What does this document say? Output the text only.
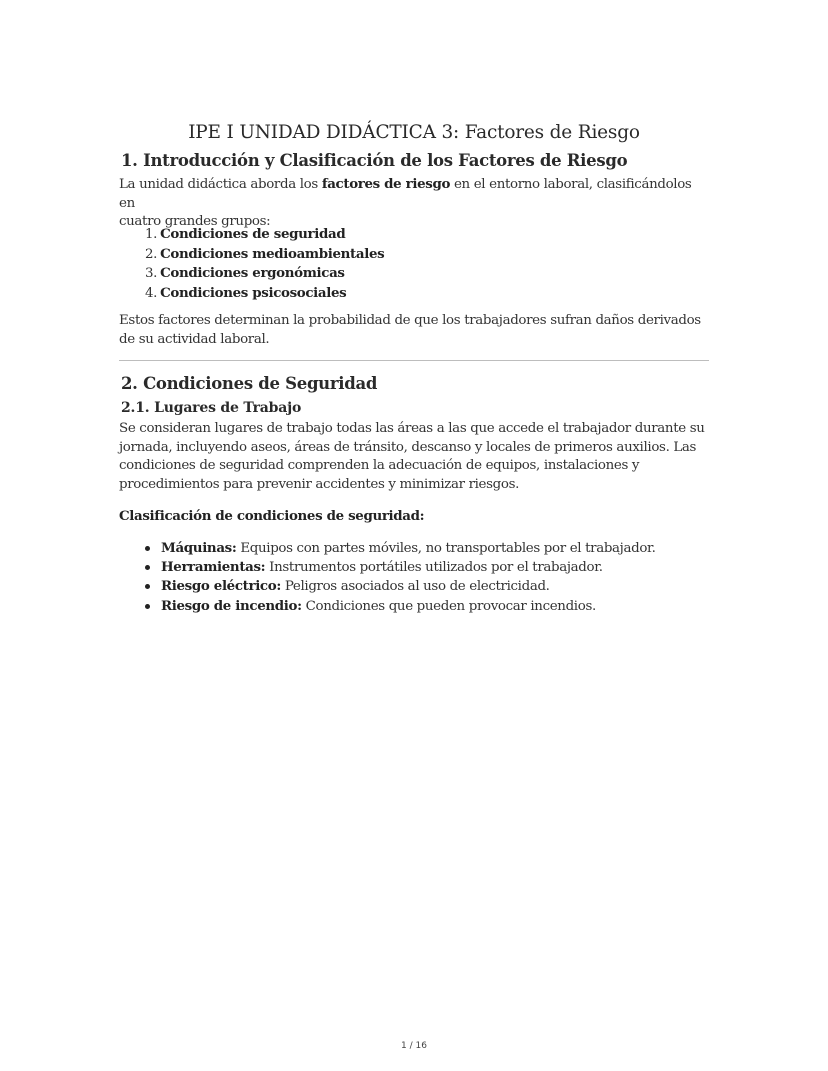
IPE I UNIDAD DIDÁCTICA 3: Factores de Riesgo
1. Introducción y Clasificación de los Factores de Riesgo

La unidad didáctica aborda los factores de riesgo en el entorno laboral, clasificándolos en
cuatro grandes grupos:

1. Condiciones de seguridad
2. Condiciones medioambientales
3. Condiciones ergonómicas
4. Condiciones psicosociales

Estos factores determinan la probabilidad de que los trabajadores sufran daños derivados
de su actividad laboral.

2. Condiciones de Seguridad
2.1. Lugares de Trabajo

Se consideran lugares de trabajo todas las áreas a las que accede el trabajador durante su
jornada, incluyendo aseos, áreas de tránsito, descanso y locales de primeros auxilios. Las
condiciones de seguridad comprenden la adecuación de equipos, instalaciones y
procedimientos para prevenir accidentes y minimizar riesgos.

Clasificación de condiciones de seguridad:

Máquinas: Equipos con partes móviles, no transportables por el trabajador.
Herramientas: Instrumentos portátiles utilizados por el trabajador.
Riesgo eléctrico: Peligros asociados al uso de electricidad.
Riesgo de incendio: Condiciones que pueden provocar incendios.
1 / 16
